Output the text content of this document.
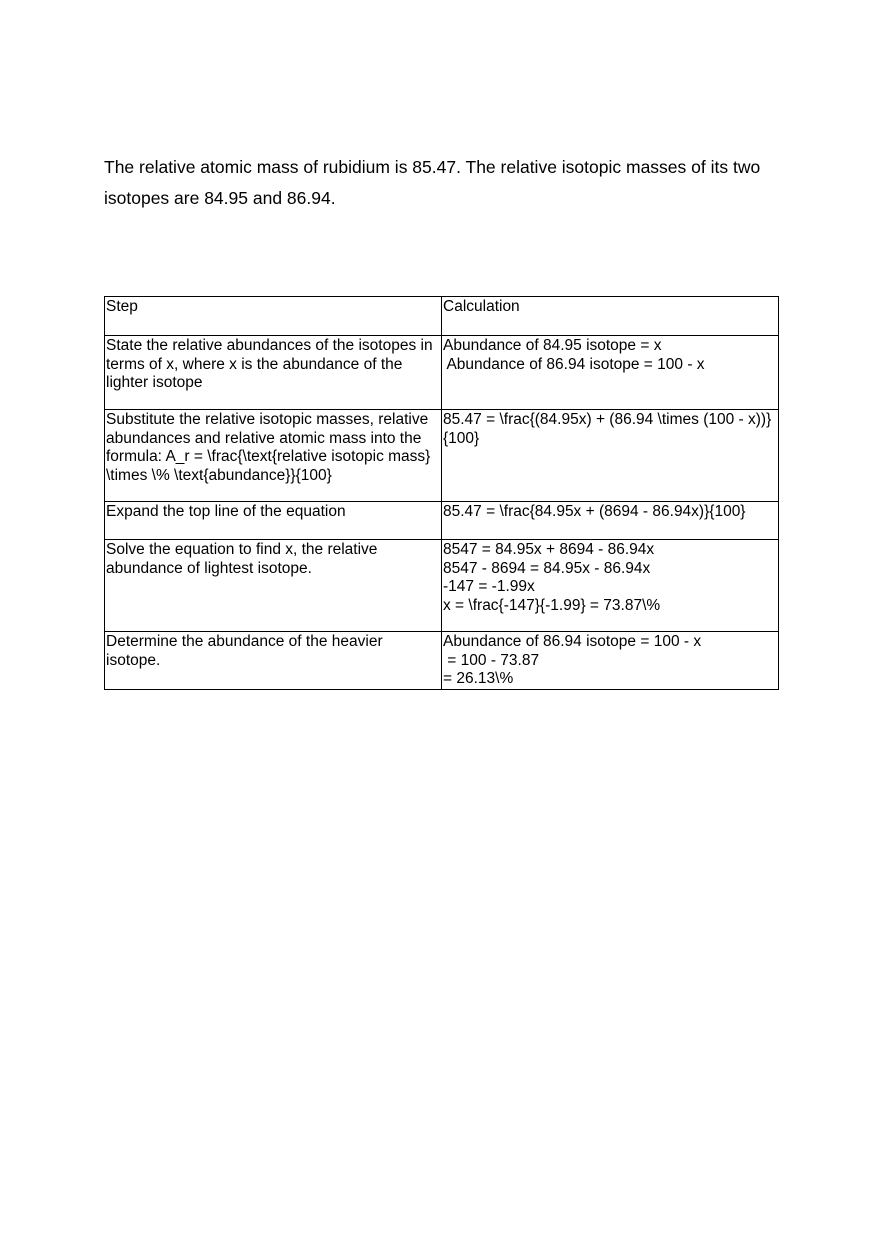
The relative atomic mass of rubidium is 85.47. The relative isotopic masses of its two isotopes are 84.95 and 86.94.

Step	Calculation
State the relative abundances of the isotopes in terms of x, where x is the abundance of the lighter isotope	Abundance of 84.95 isotope = x
Abundance of 86.94 isotope = 100 - x

Substitute the relative isotopic masses, relative abundances and relative atomic mass into the formula: A_r = \frac{\text{relative isotopic mass} \times \% \text{abundance}}{100}	85.47 = \frac{(84.95x) + (86.94 \times (100 - x))}{100}
Expand the top line of the equation	85.47 = \frac{84.95x + (8694 - 86.94x)}{100}
Solve the equation to find x, the relative abundance of lightest isotope.	8547 = 84.95x + 8694 - 86.94x
8547 - 8694 = 84.95x - 86.94x
-147 = -1.99x
x = \frac{-147}{-1.99} = 73.87\%

Determine the abundance of the heavier isotope.	Abundance of 86.94 isotope = 100 - x
= 100 - 73.87
= 26.13\%
